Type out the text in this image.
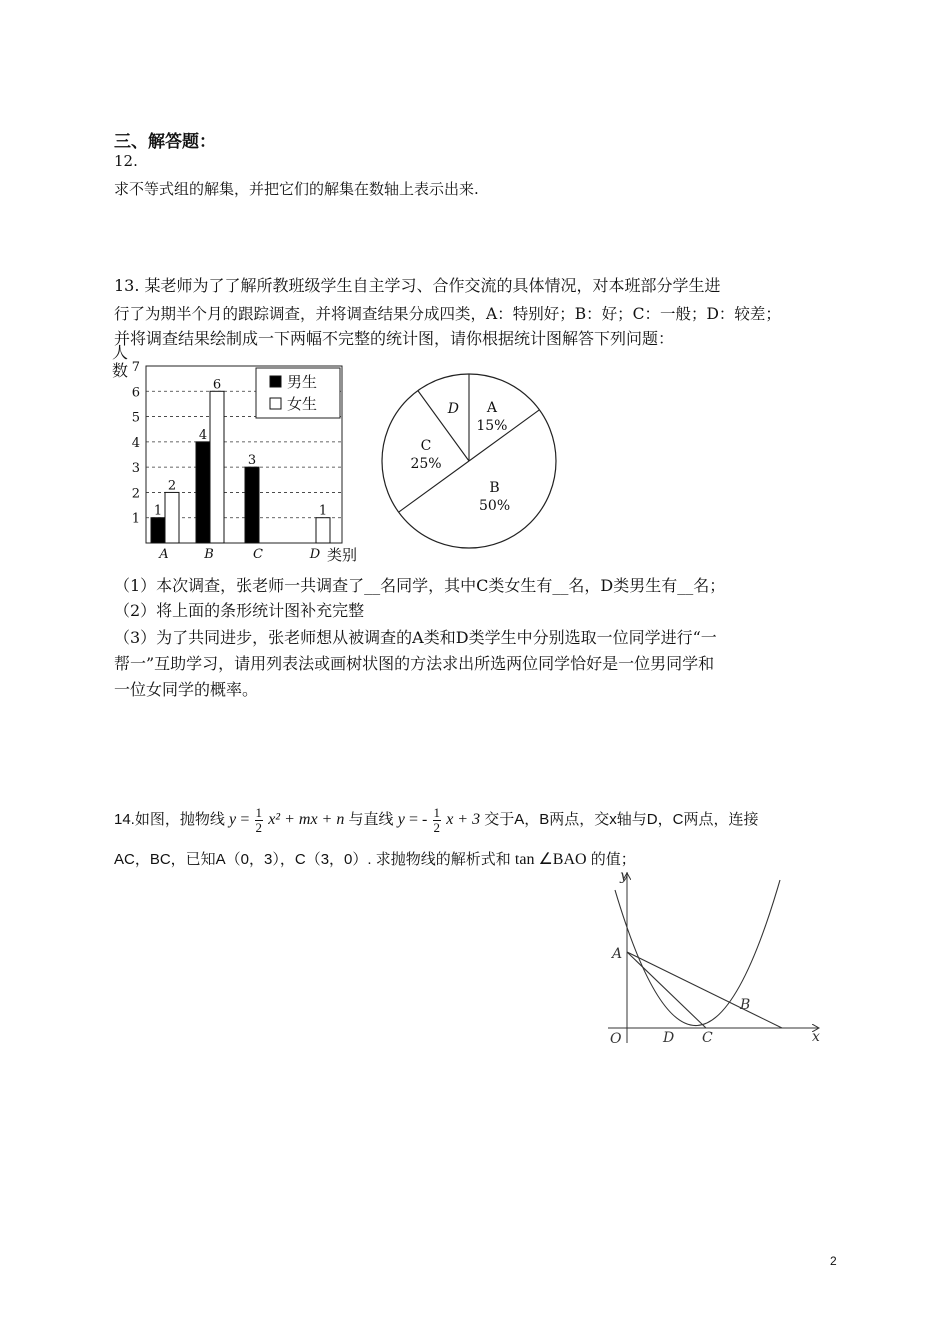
三、解答题：
12.
求不等式组的解集，并把它们的解集在数轴上表示出来.
13. 某老师为了了解所教班级学生自主学习、合作交流的具体情况，对本班部分学生进
行了为期半个月的跟踪调查，并将调查结果分成四类，A：特别好；B：好；C：一般；D：较差；
并将调查结果绘制成一下两幅不完整的统计图，请你根据统计图解答下列问题：
1
2
3
4
5
6
7
人
数
类别
A
1
2
B
4
6
C
3
D
1
男生
女生	A
15%
B
50%
C
25%
D
（1）本次调查，张老师一共调查了__名同学，其中C类女生有__名，D类男生有__名；
（2）将上面的条形统计图补充完整
（3）为了共同进步，张老师想从被调查的A类和D类学生中分别选取一位同学进行“一
帮一”互助学习，请用列表法或画树状图的方法求出所选两位同学恰好是一位男同学和
一位女同学的概率。
14.如图，抛物线 $y = \frac{1}{2} x^2$ + mx + n 与直线 y = - $\frac{1}{2}$ x + 3 交于A，B两点，交x轴与D，C两点，连接
AC，BC，已知A（0，3），C（3，0）. 求抛物线的解析式和 tan ∠BAO 的值；
y
x
O
A
B
C
D
2
